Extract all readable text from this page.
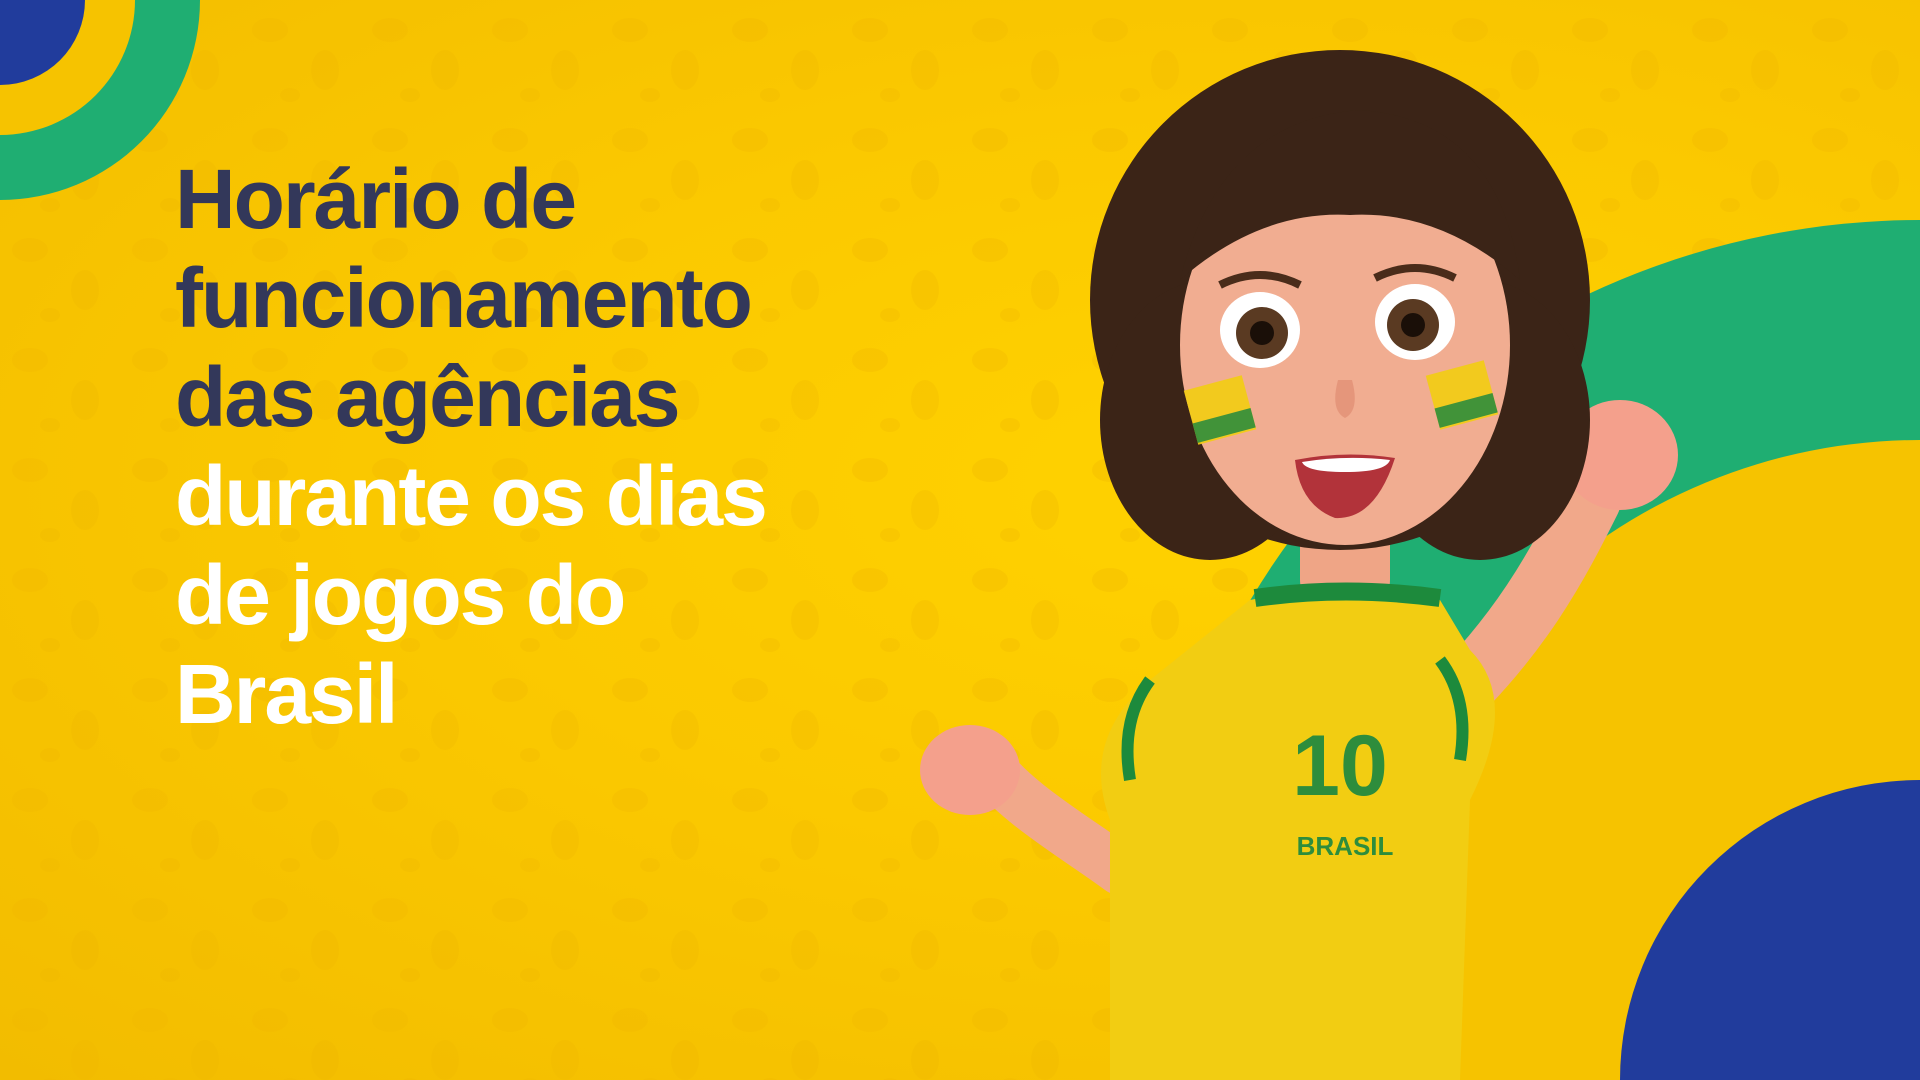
Horário de
funcionamento
das agências
durante os dias
de jogos do
Brasil
10
BRASIL
